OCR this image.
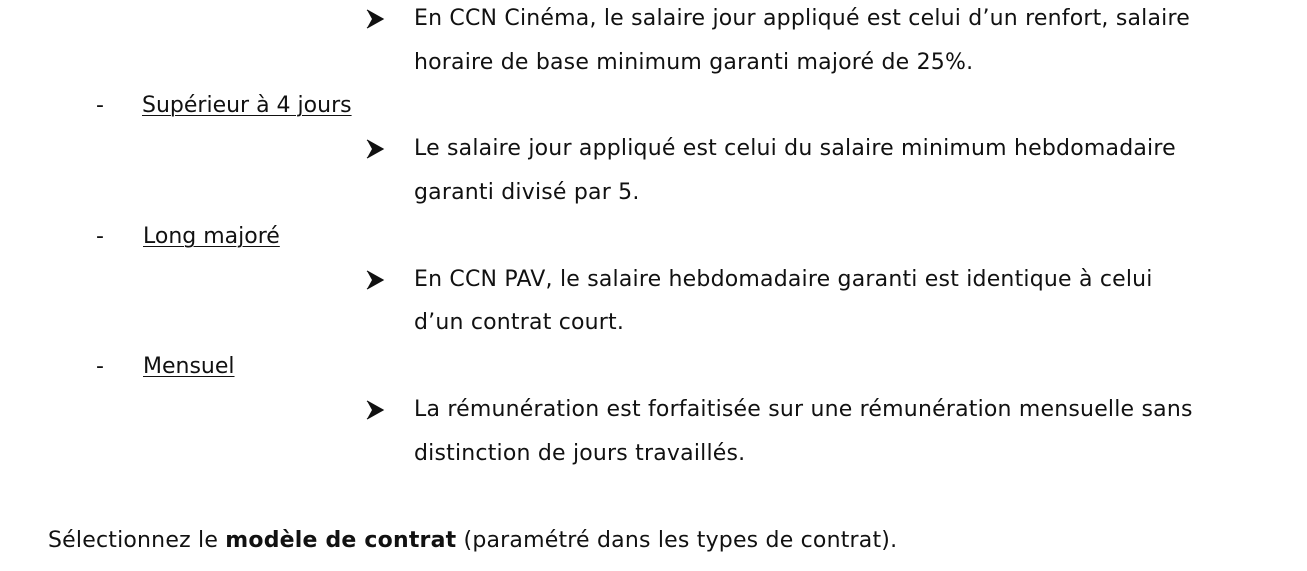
En CCN Cinéma, le salaire jour appliqué est celui d’un renfort, salaire
horaire de base minimum garanti majoré de 25%.
- Supérieur à 4 jours
Le salaire jour appliqué est celui du salaire minimum hebdomadaire
garanti divisé par 5.
- Long majoré
En CCN PAV, le salaire hebdomadaire garanti est identique à celui
d’un contrat court.
- Mensuel
La rémunération est forfaitisée sur une rémunération mensuelle sans
distinction de jours travaillés.
Sélectionnez le modèle de contrat (paramétré dans les types de contrat).
